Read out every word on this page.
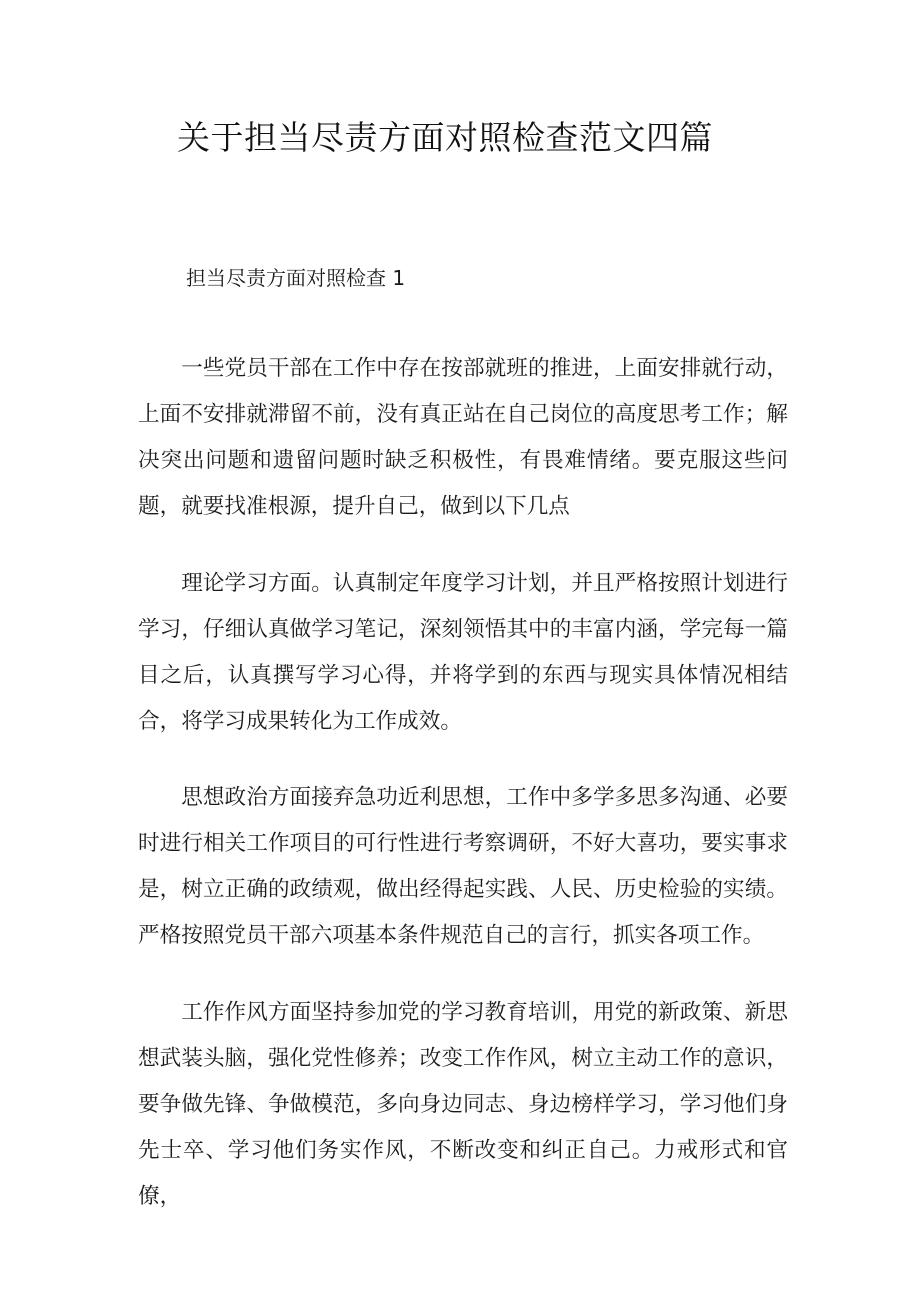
关于担当尽责方面对照检查范文四篇
担当尽责方面对照检查 1

一些党员干部在工作中存在按部就班的推进，上面安排就行动，上面不安排就滞留不前，没有真正站在自己岗位的高度思考工作；解决突出问题和遗留问题时缺乏积极性，有畏难情绪。要克服这些问题，就要找准根源，提升自己，做到以下几点

理论学习方面。认真制定年度学习计划，并且严格按照计划进行学习，仔细认真做学习笔记，深刻领悟其中的丰富内涵，学完每一篇目之后，认真撰写学习心得，并将学到的东西与现实具体情况相结合，将学习成果转化为工作成效。

思想政治方面接弃急功近利思想，工作中多学多思多沟通、必要时进行相关工作项目的可行性进行考察调研，不好大喜功，要实事求是，树立正确的政绩观，做出经得起实践、人民、历史检验的实绩。严格按照党员干部六项基本条件规范自己的言行，抓实各项工作。

工作作风方面坚持参加党的学习教育培训，用党的新政策、新思想武装头脑，强化党性修养；改变工作作风，树立主动工作的意识，要争做先锋、争做模范，多向身边同志、身边榜样学习，学习他们身先士卒、学习他们务实作风，不断改变和纠正自己。力戒形式和官僚，
